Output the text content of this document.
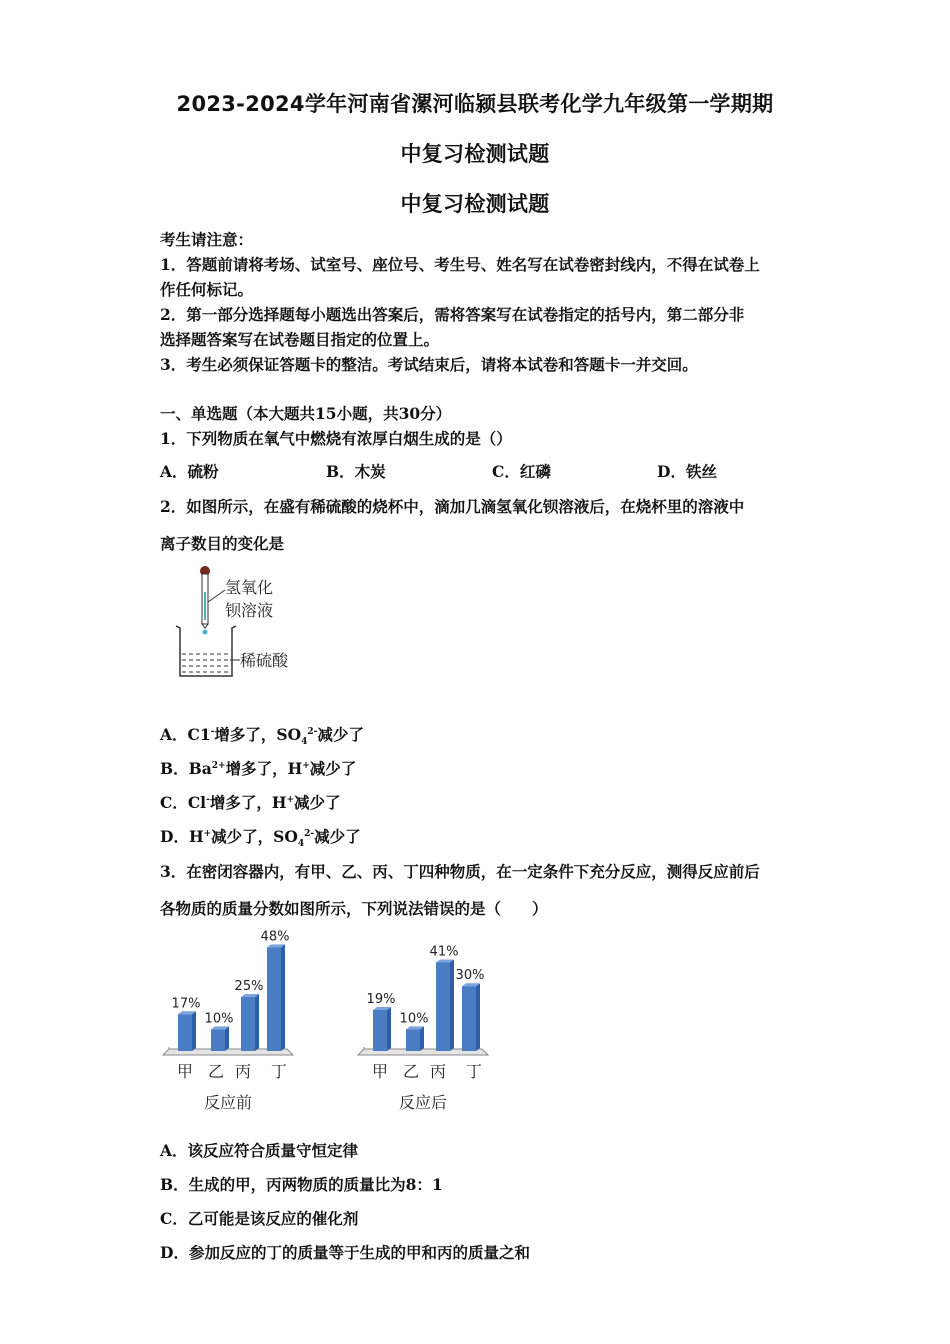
2023-2024学年河南省漯河临颍县联考化学九年级第一学期期
中复习检测试题
中复习检测试题
考生请注意：
1．答题前请将考场、试室号、座位号、考生号、姓名写在试卷密封线内，不得在试卷上
作任何标记。
2．第一部分选择题每小题选出答案后，需将答案写在试卷指定的括号内，第二部分非
选择题答案写在试卷题目指定的位置上。
3．考生必须保证答题卡的整洁。考试结束后，请将本试卷和答题卡一并交回。
一、单选题（本大题共15小题，共30分）
1．下列物质在氧气中燃烧有浓厚白烟生成的是（）
A．硫粉	B．木炭	C．红磷	D．铁丝
2．如图所示，在盛有稀硫酸的烧杯中，滴加几滴氢氧化钡溶液后，在烧杯里的溶液中
离子数目的变化是
氢氧化
钡溶液
稀硫酸
A．C1-增多了，$SO_4^{2-}$减少了
B．$Ba^{2+}$增多了，H+减少了
C．Cl-增多了，H+减少了
D．H+减少了，$SO_4^{2-}$减少了
3．在密闭容器内，有甲、乙、丙、丁四种物质，在一定条件下充分反应，测得反应前后
各物质的质量分数如图所示，下列说法错误的是（　　）
17%
甲
10%
乙
25%
丙
48%
丁
反应前
19%
甲
10%
乙
41%
丙
30%
丁
反应后
A．该反应符合质量守恒定律
B．生成的甲，丙两物质的质量比为8：1
C．乙可能是该反应的催化剂
D．参加反应的丁的质量等于生成的甲和丙的质量之和
